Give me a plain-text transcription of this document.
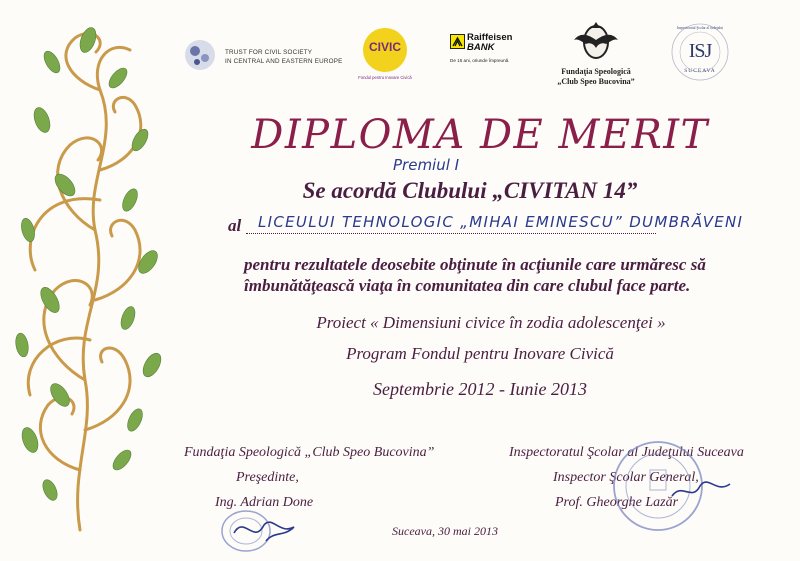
TRUST FOR CIVIL SOCIETY
IN CENTRAL AND EASTERN EUROPE
CIVIC
Fondul pentru Inovare Civică
Raiffeisen
BANK
De 15 ani, oriunde împreună.
Fundaţia Speologică
„Club Speo Bucovina”
Inspectoratul Şcolar al Judeţului
ISJ
SUCEAVA
DIPLOMA DE MERIT
Premiul I
Se acordă Clubului „CIVITAN 14”
al LICEULUI TEHNOLOGIC „MIHAI EMINESCU” DUMBRĂVENI
pentru rezultatele deosebite obţinute în acţiunile care urmăresc să
îmbunătăţească viaţa în comunitatea din care clubul face parte.
Proiect « Dimensiuni civice în zodia adolescenţei »
Program Fondul pentru Inovare Civică
Septembrie 2012 - Iunie 2013
Fundaţia Speologică „Club Speo Bucovina”
Preşedinte,
Ing. Adrian Done
Inspectoratul Şcolar al Judeţului Suceava
Inspector Şcolar General,
Prof. Gheorghe Lazăr
Suceava, 30 mai 2013
